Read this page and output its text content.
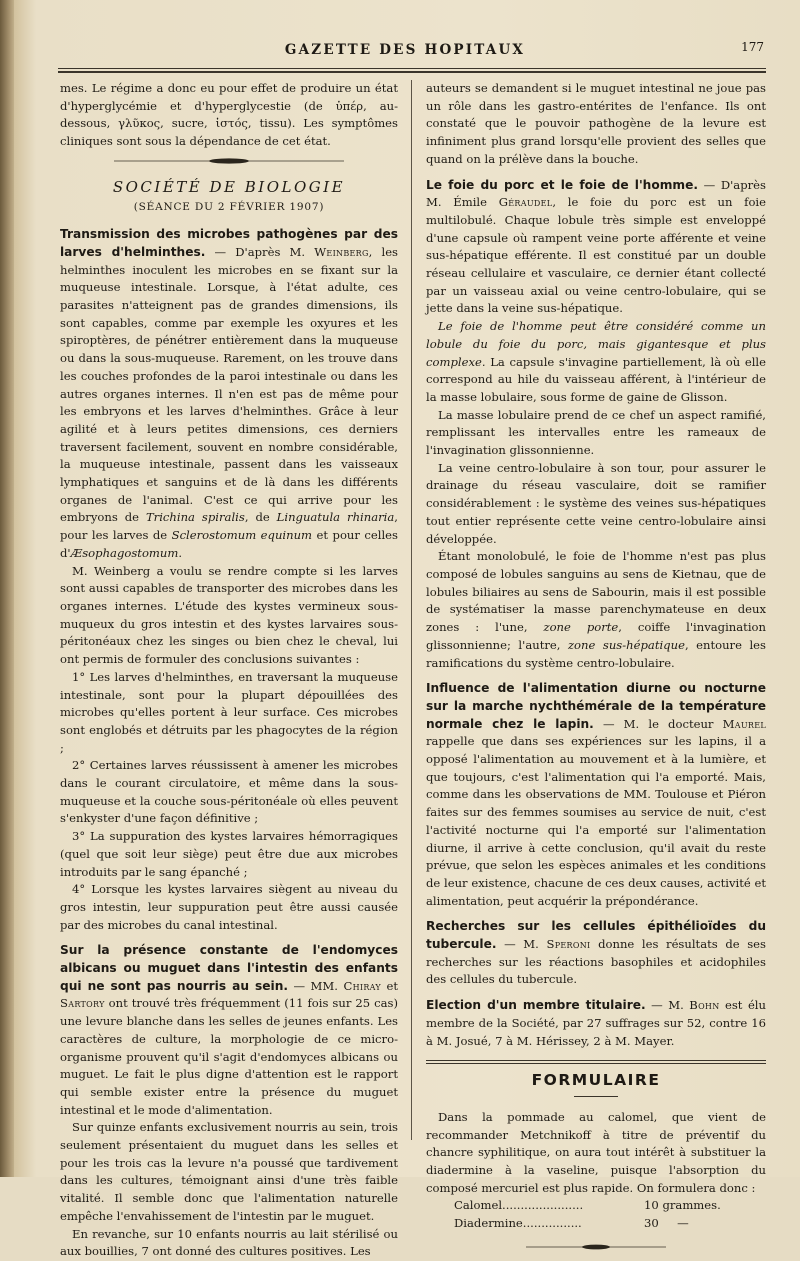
GAZETTE DES HOPITAUX	177

mes. Le régime a donc eu pour effet de produire un état d'hyperglycémie et d'hyperglycestie (de ὑπέρ, au-dessous, γλῦκος, sucre, ἱστός, tissu). Les symptômes cliniques sont sous la dépendance de cet état.

SOCIÉTÉ DE BIOLOGIE
(SÉANCE DU 2 FÉVRIER 1907)

Transmission des microbes pathogènes par des larves d'helminthes. — D'après M. Weinberg, les helminthes inoculent les microbes en se fixant sur la muqueuse intestinale. Lorsque, à l'état adulte, ces parasites n'atteignent pas de grandes dimensions, ils sont capables, comme par exemple les oxyures et les spiroptères, de pénétrer entièrement dans la muqueuse ou dans la sous-muqueuse. Rarement, on les trouve dans les couches profondes de la paroi intestinale ou dans les autres organes internes. Il n'en est pas de même pour les embryons et les larves d'helminthes. Grâce à leur agilité et à leurs petites dimensions, ces derniers traversent facilement, souvent en nombre considérable, la muqueuse intestinale, passent dans les vaisseaux lymphatiques et sanguins et de là dans les différents organes de l'animal. C'est ce qui arrive pour les embryons de Trichina spiralis, de Linguatula rhinaria, pour les larves de Sclerostomum equinum et pour celles d'Æsophagostomum.

M. Weinberg a voulu se rendre compte si les larves sont aussi capables de transporter des microbes dans les organes internes. L'étude des kystes vermineux sous-muqueux du gros intestin et des kystes larvaires sous-péritonéaux chez les singes ou bien chez le cheval, lui ont permis de formuler des conclusions suivantes :

1° Les larves d'helminthes, en traversant la muqueuse intestinale, sont pour la plupart dépouillées des microbes qu'elles portent à leur surface. Ces microbes sont englobés et détruits par les phagocytes de la région ;

2° Certaines larves réussissent à amener les microbes dans le courant circulatoire, et même dans la sous-muqueuse et la couche sous-péritonéale où elles peuvent s'enkyster d'une façon définitive ;

3° La suppuration des kystes larvaires hémorragiques (quel que soit leur siège) peut être due aux microbes introduits par le sang épanché ;

4° Lorsque les kystes larvaires siègent au niveau du gros intestin, leur suppuration peut être aussi causée par des microbes du canal intestinal.

Sur la présence constante de l'endomyces albicans ou muguet dans l'intestin des enfants qui ne sont pas nourris au sein. — MM. Chiray et Sartory ont trouvé très fréquemment (11 fois sur 25 cas) une levure blanche dans les selles de jeunes enfants. Les caractères de culture, la morphologie de ce micro-organisme prouvent qu'il s'agit d'endomyces albicans ou muguet. Le fait le plus digne d'attention est le rapport qui semble exister entre la présence du muguet intestinal et le mode d'alimentation.

Sur quinze enfants exclusivement nourris au sein, trois seulement présentaient du muguet dans les selles et pour les trois cas la levure n'a poussé que tardivement dans les cultures, témoignant ainsi d'une très faible vitalité. Il semble donc que l'alimentation naturelle empêche l'envahissement de l'intestin par le muguet.

En revanche, sur 10 enfants nourris au lait stérilisé ou aux bouillies, 7 ont donné des cultures positives. Les

auteurs se demandent si le muguet intestinal ne joue pas un rôle dans les gastro-entérites de l'enfance. Ils ont constaté que le pouvoir pathogène de la levure est infiniment plus grand lorsqu'elle provient des selles que quand on la prélève dans la bouche.

Le foie du porc et le foie de l'homme. — D'après M. Émile Géraudel, le foie du porc est un foie multilobulé. Chaque lobule très simple est enveloppé d'une capsule où rampent veine porte afférente et veine sus-hépatique efférente. Il est constitué par un double réseau cellulaire et vasculaire, ce dernier étant collecté par un vaisseau axial ou veine centro-lobulaire, qui se jette dans la veine sus-hépatique.

Le foie de l'homme peut être considéré comme un lobule du foie du porc, mais gigantesque et plus complexe. La capsule s'invagine partiellement, là où elle correspond au hile du vaisseau afférent, à l'intérieur de la masse lobulaire, sous forme de gaine de Glisson.

La masse lobulaire prend de ce chef un aspect ramifié, remplissant les intervalles entre les rameaux de l'invagination glissonnienne.

La veine centro-lobulaire à son tour, pour assurer le drainage du réseau vasculaire, doit se ramifier considérablement : le système des veines sus-hépatiques tout entier représente cette veine centro-lobulaire ainsi développée.

Étant monolobulé, le foie de l'homme n'est pas plus composé de lobules sanguins au sens de Kietnau, que de lobules biliaires au sens de Sabourin, mais il est possible de systématiser la masse parenchymateuse en deux zones : l'une, zone porte, coiffe l'invagination glissonnienne; l'autre, zone sus-hépatique, entoure les ramifications du système centro-lobulaire.

Influence de l'alimentation diurne ou nocturne sur la marche nychthémérale de la température normale chez le lapin. — M. le docteur Maurel rappelle que dans ses expériences sur les lapins, il a opposé l'alimentation au mouvement et à la lumière, et que toujours, c'est l'alimentation qui l'a emporté. Mais, comme dans les observations de MM. Toulouse et Piéron faites sur des femmes soumises au service de nuit, c'est l'activité nocturne qui l'a emporté sur l'alimentation diurne, il arrive à cette conclusion, qu'il avait du reste prévue, que selon les espèces animales et les conditions de leur existence, chacune de ces deux causes, activité et alimentation, peut acquérir la prépondérance.

Recherches sur les cellules épithélioïdes du tubercule. — M. Speroni donne les résultats de ses recherches sur les réactions basophiles et acidophiles des cellules du tubercule.

Election d'un membre titulaire. — M. Bohn est élu membre de la Société, par 27 suffrages sur 52, contre 16 à M. Josué, 7 à M. Hérissey, 2 à M. Mayer.

FORMULAIRE

Dans la pommade au calomel, que vient de recommander Metchnikoff à titre de préventif du chancre syphilitique, on aura tout intérêt à substituer la diadermine à la vaseline, puisque l'absorption du composé mercuriel est plus rapide. On formulera donc :

Calomel......................	10 grammes.
Diadermine................	30     —
